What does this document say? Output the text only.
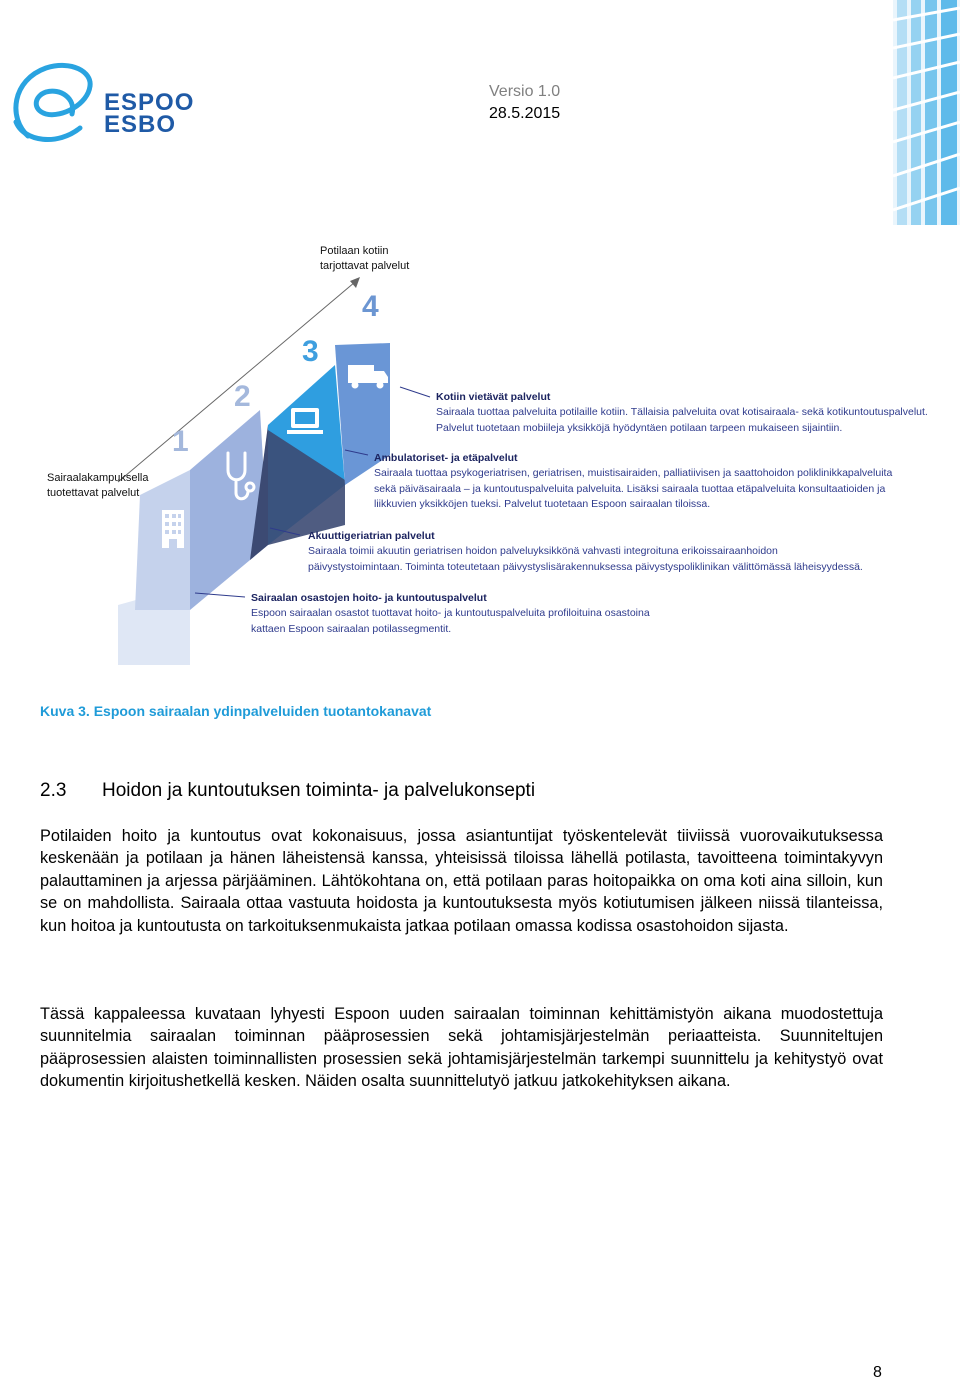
ESPOO
ESBO
Versio 1.0
28.5.2015
Potilaan kotiin
tarjottavat palvelut
Sairaalakampuksella
tuotettavat palvelut
1
2
3
4
Kotiin vietävät palvelut
Sairaala tuottaa palveluita potilaille kotiin. Tällaisia palveluita ovat kotisairaala- sekä kotikuntoutuspalvelut.
Palvelut tuotetaan mobiileja yksikköjä hyödyntäen potilaan tarpeen mukaiseen sijaintiin.
Ambulatoriset- ja etäpalvelut
Sairaala tuottaa psykogeriatrisen, geriatrisen, muistisairaiden, palliatiivisen ja saattohoidon poliklinikkapalveluita
sekä päiväsairaala – ja kuntoutuspalveluita palveluita. Lisäksi sairaala tuottaa etäpalveluita konsultaatioiden ja
liikkuvien yksikköjen tueksi. Palvelut tuotetaan Espoon sairaalan tiloissa.
Akuuttigeriatrian palvelut
Sairaala toimii akuutin geriatrisen hoidon palveluyksikkönä vahvasti integroituna erikoissairaanhoidon
päivystystoimintaan. Toiminta toteutetaan päivystyslisärakennuksessa päivystyspoliklinikan välittömässä läheisyydessä.
Sairaalan osastojen hoito- ja kuntoutuspalvelut
Espoon sairaalan osastot tuottavat hoito- ja kuntoutuspalveluita profiloituina osastoina
kattaen Espoon sairaalan potilassegmentit.
Kuva 3. Espoon sairaalan ydinpalveluiden tuotantokanavat
2.3 Hoidon ja kuntoutuksen toiminta- ja palvelukonsepti

Potilaiden hoito ja kuntoutus ovat kokonaisuus, jossa asiantuntijat työskentelevät tiiviissä vuorovaikutuksessa keskenään ja potilaan ja hänen läheistensä kanssa, yhteisissä tiloissa lähellä potilasta, tavoitteena toimintakyvyn palauttaminen ja arjessa pärjääminen. Lähtökohtana on, että potilaan paras hoitopaikka on oma koti aina silloin, kun se on mahdollista. Sairaala ottaa vastuuta hoidosta ja kuntoutuksesta myös kotiutumisen jälkeen niissä tilanteissa, kun hoitoa ja kuntoutusta on tarkoituksenmukaista jatkaa potilaan omassa kodissa osastohoidon sijasta.

Tässä kappaleessa kuvataan lyhyesti Espoon uuden sairaalan toiminnan kehittämistyön aikana muodostettuja suunnitelmia sairaalan toiminnan pääprosessien sekä johtamisjärjestelmän periaatteista. Suunniteltujen pääprosessien alaisten toiminnallisten prosessien sekä johtamisjärjestelmän tarkempi suunnittelu ja kehitystyö ovat dokumentin kirjoitushetkellä kesken. Näiden osalta suunnittelutyö jatkuu jatkokehityksen aikana.

8
